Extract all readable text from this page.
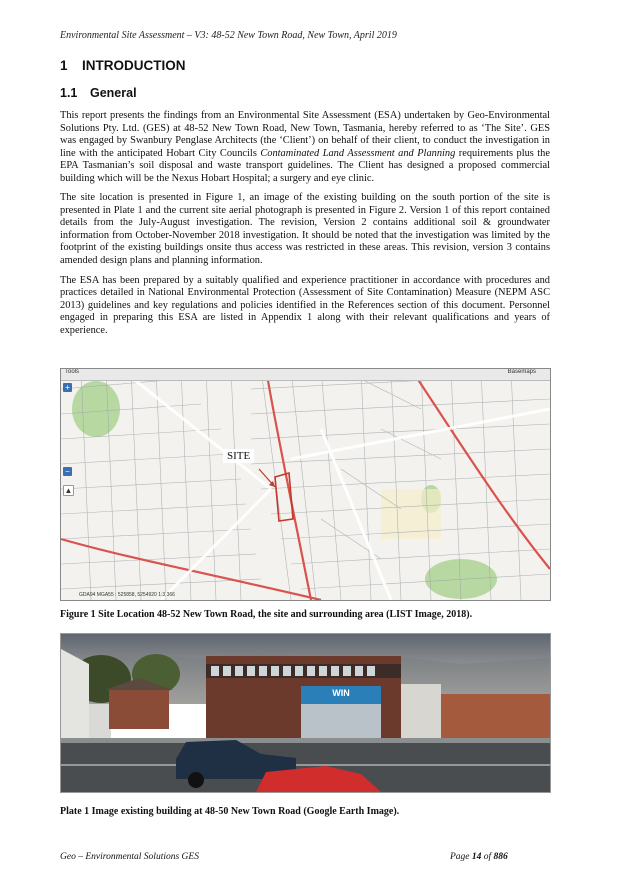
Environmental Site Assessment – V3: 48-52 New Town Road, New Town, April 2019
1 INTRODUCTION
1.1 General

This report presents the findings from an Environmental Site Assessment (ESA) undertaken by Geo-Environmental Solutions Pty. Ltd. (GES) at 48-52 New Town Road, New Town, Tasmania, hereby referred to as ‘The Site’. GES was engaged by Swanbury Penglase Architects (the ‘Client’) on behalf of their client, to conduct the investigation in line with the anticipated Hobart City Councils Contaminated Land Assessment and Planning requirements plus the EPA Tasmanian’s soil disposal and waste transport guidelines. The Client has designed a proposed commercial building which will be the Nexus Hobart Hospital; a surgery and eye clinic.

The site location is presented in Figure 1, an image of the existing building on the south portion of the site is presented in Plate 1 and the current site aerial photograph is presented in Figure 2. Version 1 of this report contained details from the July-August investigation. The revision, Version 2 contains additional soil & groundwater information from October-November 2018 investigation. It should be noted that the investigation was limited by the footprint of the existing buildings onsite thus access was restricted in these areas. This revision, version 3 contains amended design plans and planning information.

The ESA has been prepared by a suitably qualified and experience practitioner in accordance with procedures and practices detailed in National Environmental Protection (Assessment of Site Contamination) Measure (NEPM ASC 2013) guidelines and key regulations and policies identified in the References section of this document. Personnel engaged in preparing this ESA are listed in Appendix 1 along with their relevant qualifications and years of experience.

Tools	Basemaps
+
−
▲
SITE
GDA94 MGA55 : 525858, 5254920 1:3,366
Figure 1 Site Location 48-52 New Town Road, the site and surrounding area (LIST Image, 2018).
WIN
Plate 1 Image existing building at 48-50 New Town Road (Google Earth Image).
Geo – Environmental Solutions GES	Page 14 of 886
